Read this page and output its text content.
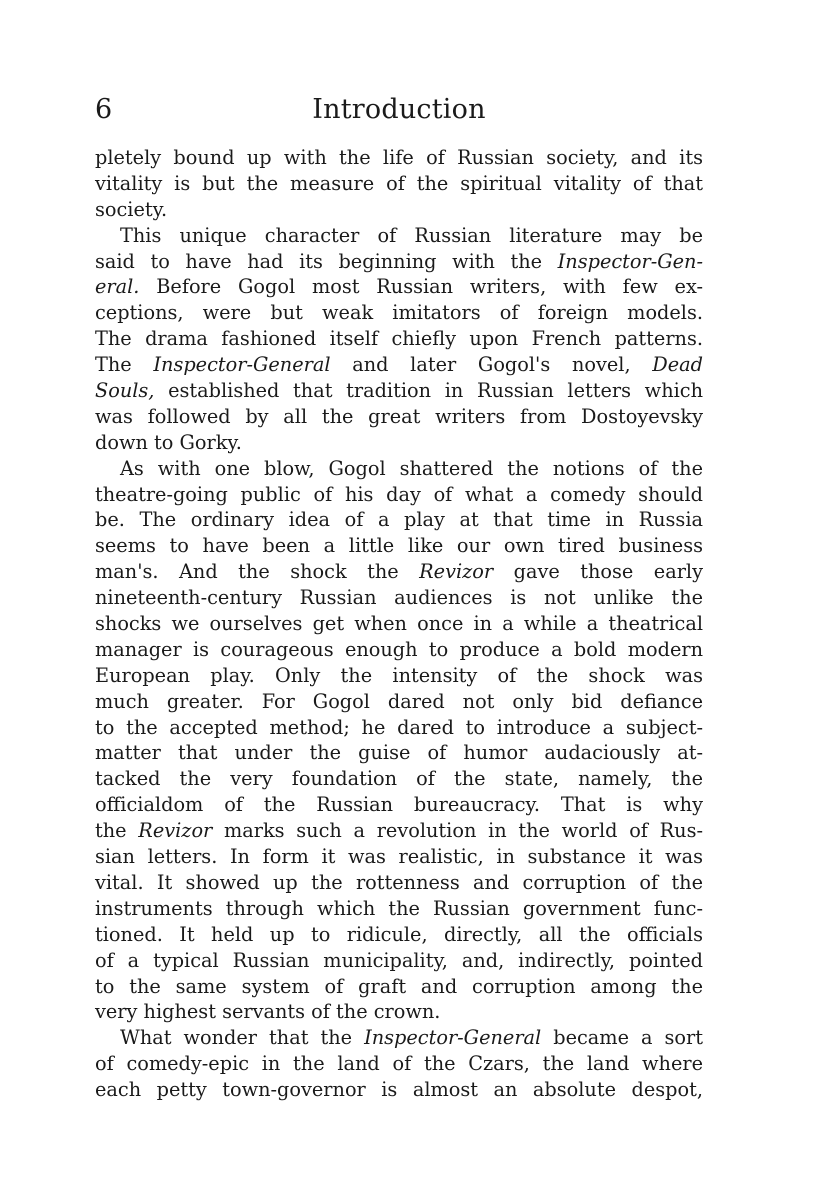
6	Introduction
pletely bound up with the life of Russian society, and its
vitality is but the measure of the spiritual vitality of that
society.
This unique character of Russian literature may be
said to have had its beginning with the Inspector-Gen-
eral. Before Gogol most Russian writers, with few ex-
ceptions, were but weak imitators of foreign models.
The drama fashioned itself chiefly upon French patterns.
The Inspector-General and later Gogol's novel, Dead
Souls, established that tradition in Russian letters which
was followed by all the great writers from Dostoyevsky
down to Gorky.
As with one blow, Gogol shattered the notions of the
theatre-going public of his day of what a comedy should
be. The ordinary idea of a play at that time in Russia
seems to have been a little like our own tired business
man's. And the shock the Revizor gave those early
nineteenth-century Russian audiences is not unlike the
shocks we ourselves get when once in a while a theatrical
manager is courageous enough to produce a bold modern
European play. Only the intensity of the shock was
much greater. For Gogol dared not only bid defiance
to the accepted method; he dared to introduce a subject-
matter that under the guise of humor audaciously at-
tacked the very foundation of the state, namely, the
officialdom of the Russian bureaucracy. That is why
the Revizor marks such a revolution in the world of Rus-
sian letters. In form it was realistic, in substance it was
vital. It showed up the rottenness and corruption of the
instruments through which the Russian government func-
tioned. It held up to ridicule, directly, all the officials
of a typical Russian municipality, and, indirectly, pointed
to the same system of graft and corruption among the
very highest servants of the crown.
What wonder that the Inspector-General became a sort
of comedy-epic in the land of the Czars, the land where
each petty town-governor is almost an absolute despot,
